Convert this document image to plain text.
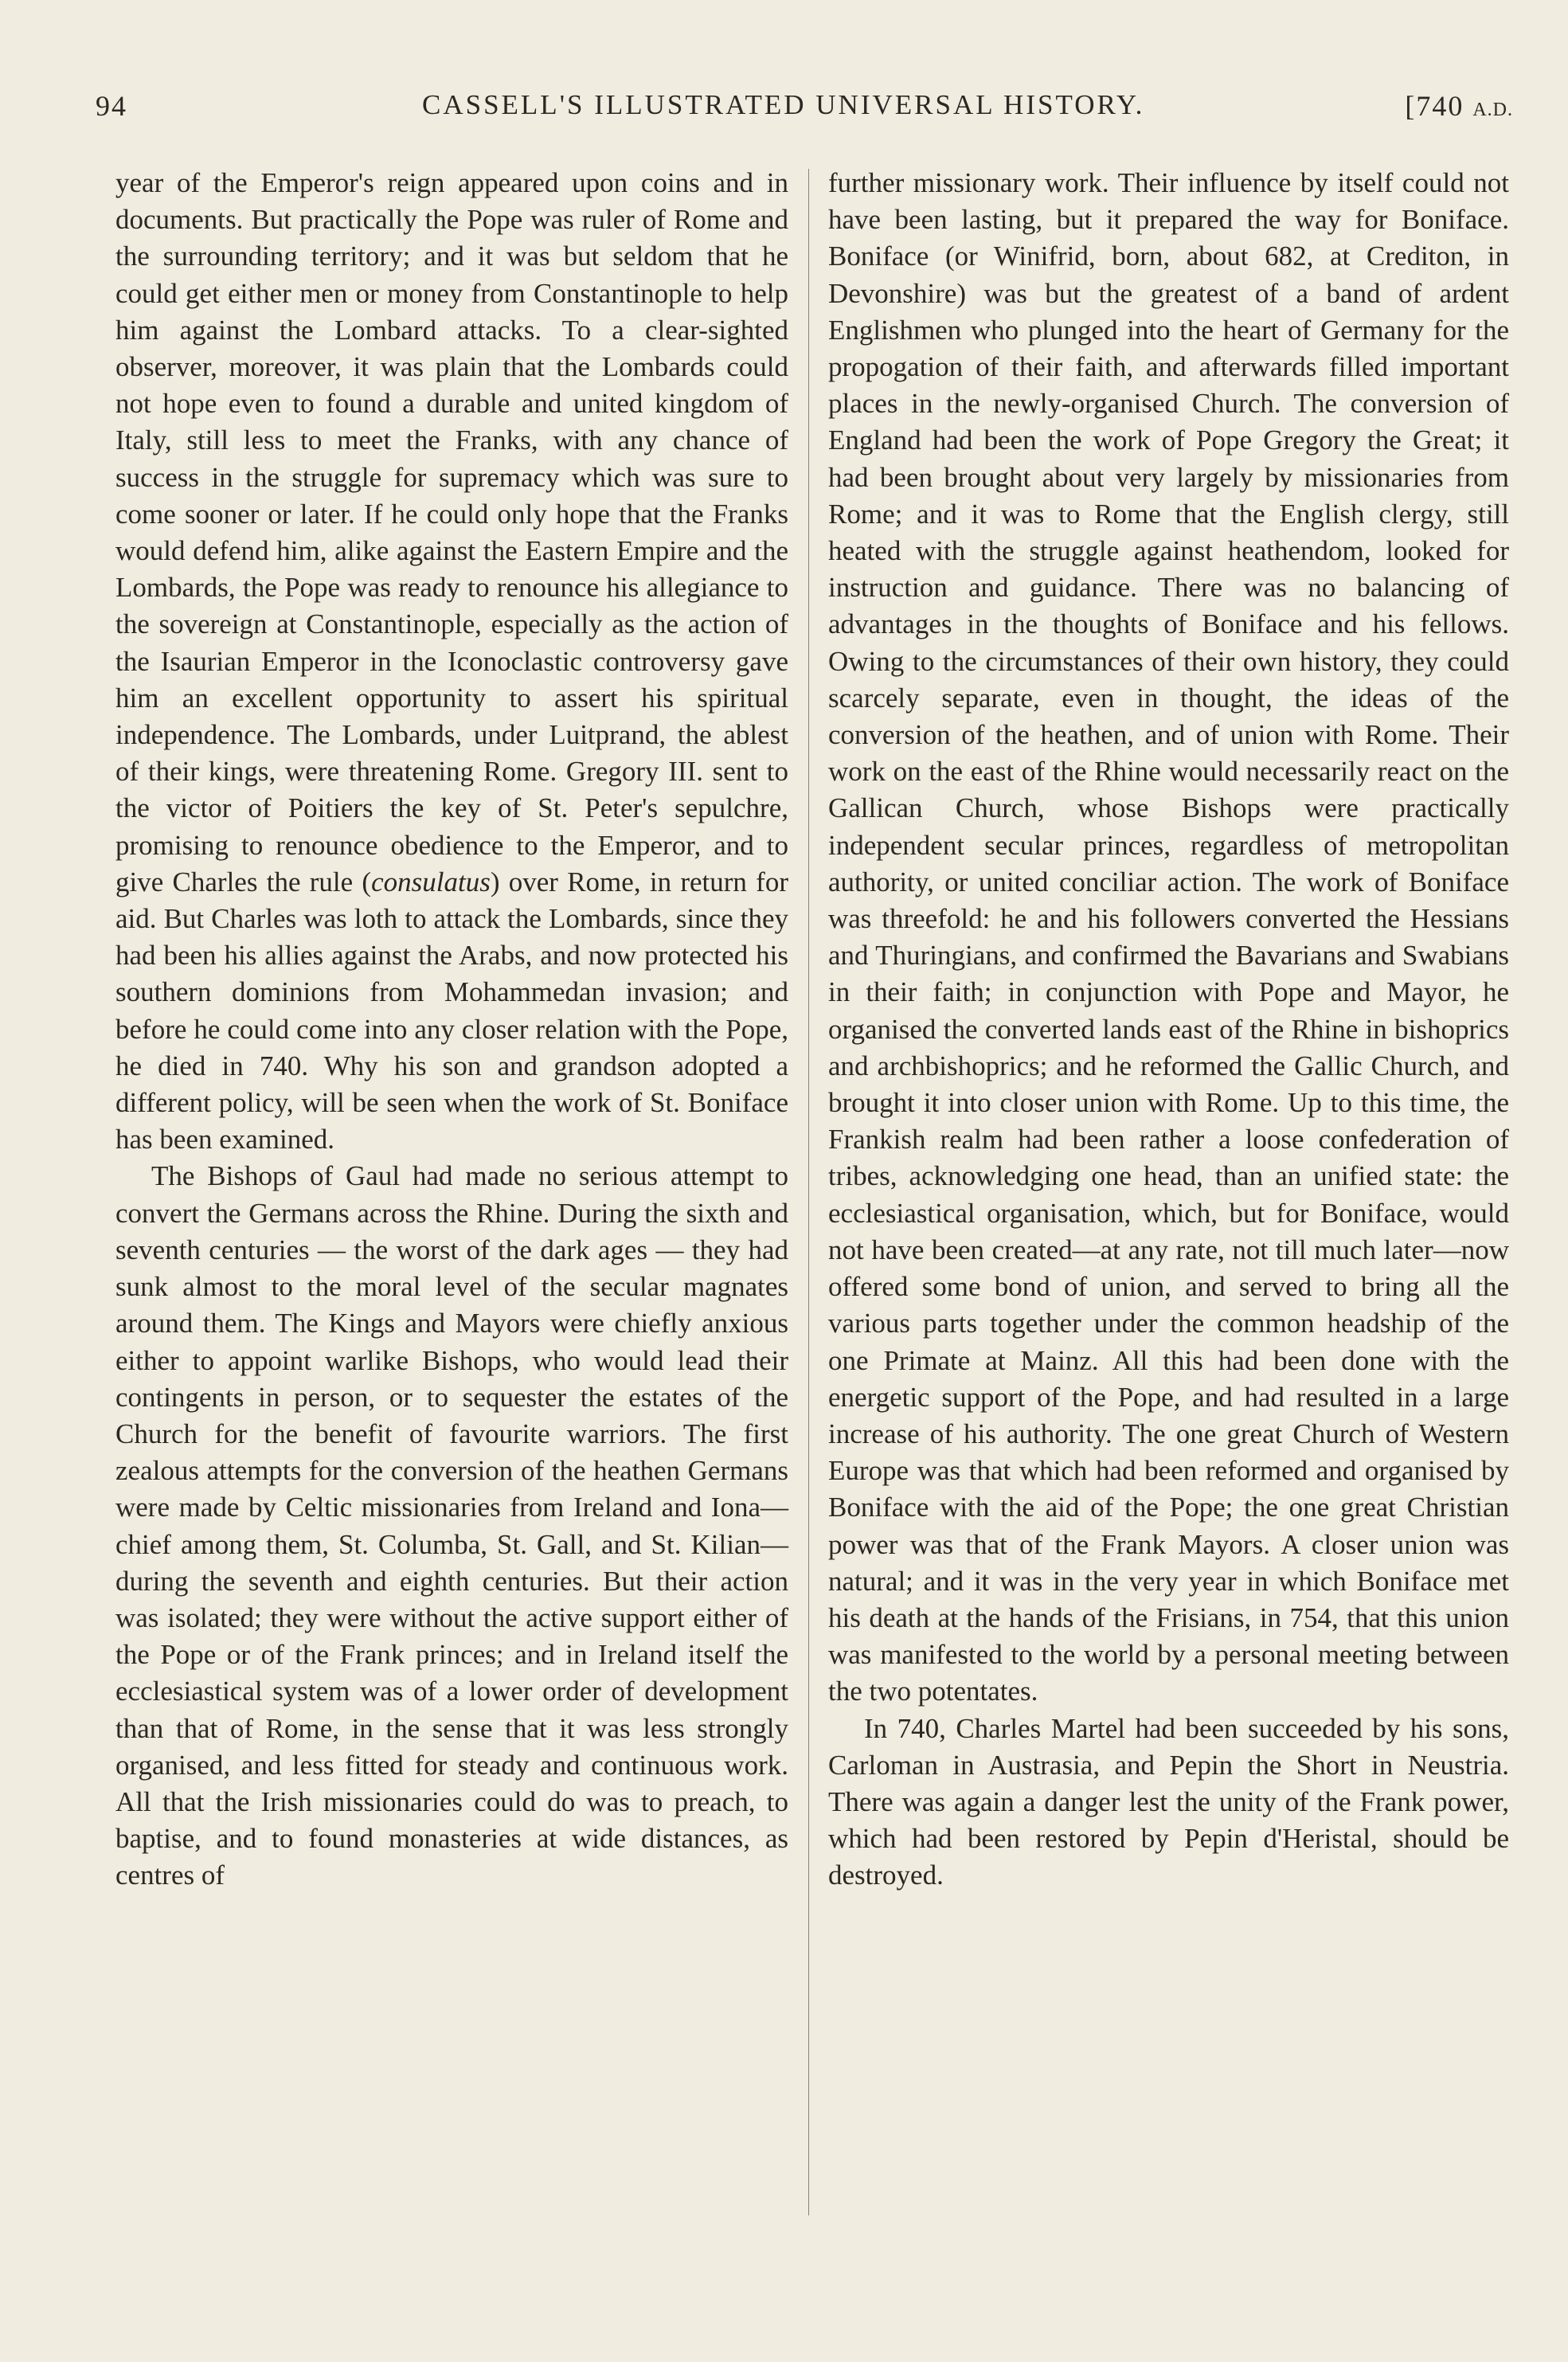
94	CASSELL'S ILLUSTRATED UNIVERSAL HISTORY.	[740 A.D.

year of the Emperor's reign appeared upon coins and in documents. But practically the Pope was ruler of Rome and the surrounding territory; and it was but seldom that he could get either men or money from Constantinople to help him against the Lombard attacks. To a clear-sighted observer, moreover, it was plain that the Lombards could not hope even to found a durable and united kingdom of Italy, still less to meet the Franks, with any chance of success in the struggle for supremacy which was sure to come sooner or later. If he could only hope that the Franks would defend him, alike against the Eastern Empire and the Lombards, the Pope was ready to renounce his allegiance to the sovereign at Constantinople, especially as the action of the Isaurian Emperor in the Iconoclastic controversy gave him an excellent opportunity to assert his spiritual independence. The Lombards, under Luitprand, the ablest of their kings, were threatening Rome. Gregory III. sent to the victor of Poitiers the key of St. Peter's sepulchre, promising to renounce obedience to the Emperor, and to give Charles the rule (consulatus) over Rome, in return for aid. But Charles was loth to attack the Lombards, since they had been his allies against the Arabs, and now protected his southern dominions from Mohammedan invasion; and before he could come into any closer relation with the Pope, he died in 740. Why his son and grandson adopted a different policy, will be seen when the work of St. Boniface has been examined.

The Bishops of Gaul had made no serious attempt to convert the Germans across the Rhine. During the sixth and seventh centuries — the worst of the dark ages — they had sunk almost to the moral level of the secular magnates around them. The Kings and Mayors were chiefly anxious either to appoint warlike Bishops, who would lead their contingents in person, or to sequester the estates of the Church for the benefit of favourite warriors. The first zealous attempts for the conversion of the heathen Germans were made by Celtic missionaries from Ireland and Iona—chief among them, St. Columba, St. Gall, and St. Kilian—during the seventh and eighth centuries. But their action was isolated; they were without the active support either of the Pope or of the Frank princes; and in Ireland itself the ecclesiastical system was of a lower order of development than that of Rome, in the sense that it was less strongly organised, and less fitted for steady and continuous work. All that the Irish missionaries could do was to preach, to baptise, and to found monasteries at wide distances, as centres of

further missionary work. Their influence by itself could not have been lasting, but it prepared the way for Boniface. Boniface (or Winifrid, born, about 682, at Crediton, in Devonshire) was but the greatest of a band of ardent Englishmen who plunged into the heart of Germany for the propogation of their faith, and afterwards filled important places in the newly-organised Church. The conversion of England had been the work of Pope Gregory the Great; it had been brought about very largely by missionaries from Rome; and it was to Rome that the English clergy, still heated with the struggle against heathendom, looked for instruction and guidance. There was no balancing of advantages in the thoughts of Boniface and his fellows. Owing to the circumstances of their own history, they could scarcely separate, even in thought, the ideas of the conversion of the heathen, and of union with Rome. Their work on the east of the Rhine would necessarily react on the Gallican Church, whose Bishops were practically independent secular princes, regardless of metropolitan authority, or united conciliar action. The work of Boniface was threefold: he and his followers converted the Hessians and Thuringians, and confirmed the Bavarians and Swabians in their faith; in conjunction with Pope and Mayor, he organised the converted lands east of the Rhine in bishoprics and archbishoprics; and he reformed the Gallic Church, and brought it into closer union with Rome. Up to this time, the Frankish realm had been rather a loose confederation of tribes, acknowledging one head, than an unified state: the ecclesiastical organisation, which, but for Boniface, would not have been created—at any rate, not till much later—now offered some bond of union, and served to bring all the various parts together under the common headship of the one Primate at Mainz. All this had been done with the energetic support of the Pope, and had resulted in a large increase of his authority. The one great Church of Western Europe was that which had been reformed and organised by Boniface with the aid of the Pope; the one great Christian power was that of the Frank Mayors. A closer union was natural; and it was in the very year in which Boniface met his death at the hands of the Frisians, in 754, that this union was manifested to the world by a personal meeting between the two potentates.

In 740, Charles Martel had been succeeded by his sons, Carloman in Austrasia, and Pepin the Short in Neustria. There was again a danger lest the unity of the Frank power, which had been restored by Pepin d'Heristal, should be destroyed.
